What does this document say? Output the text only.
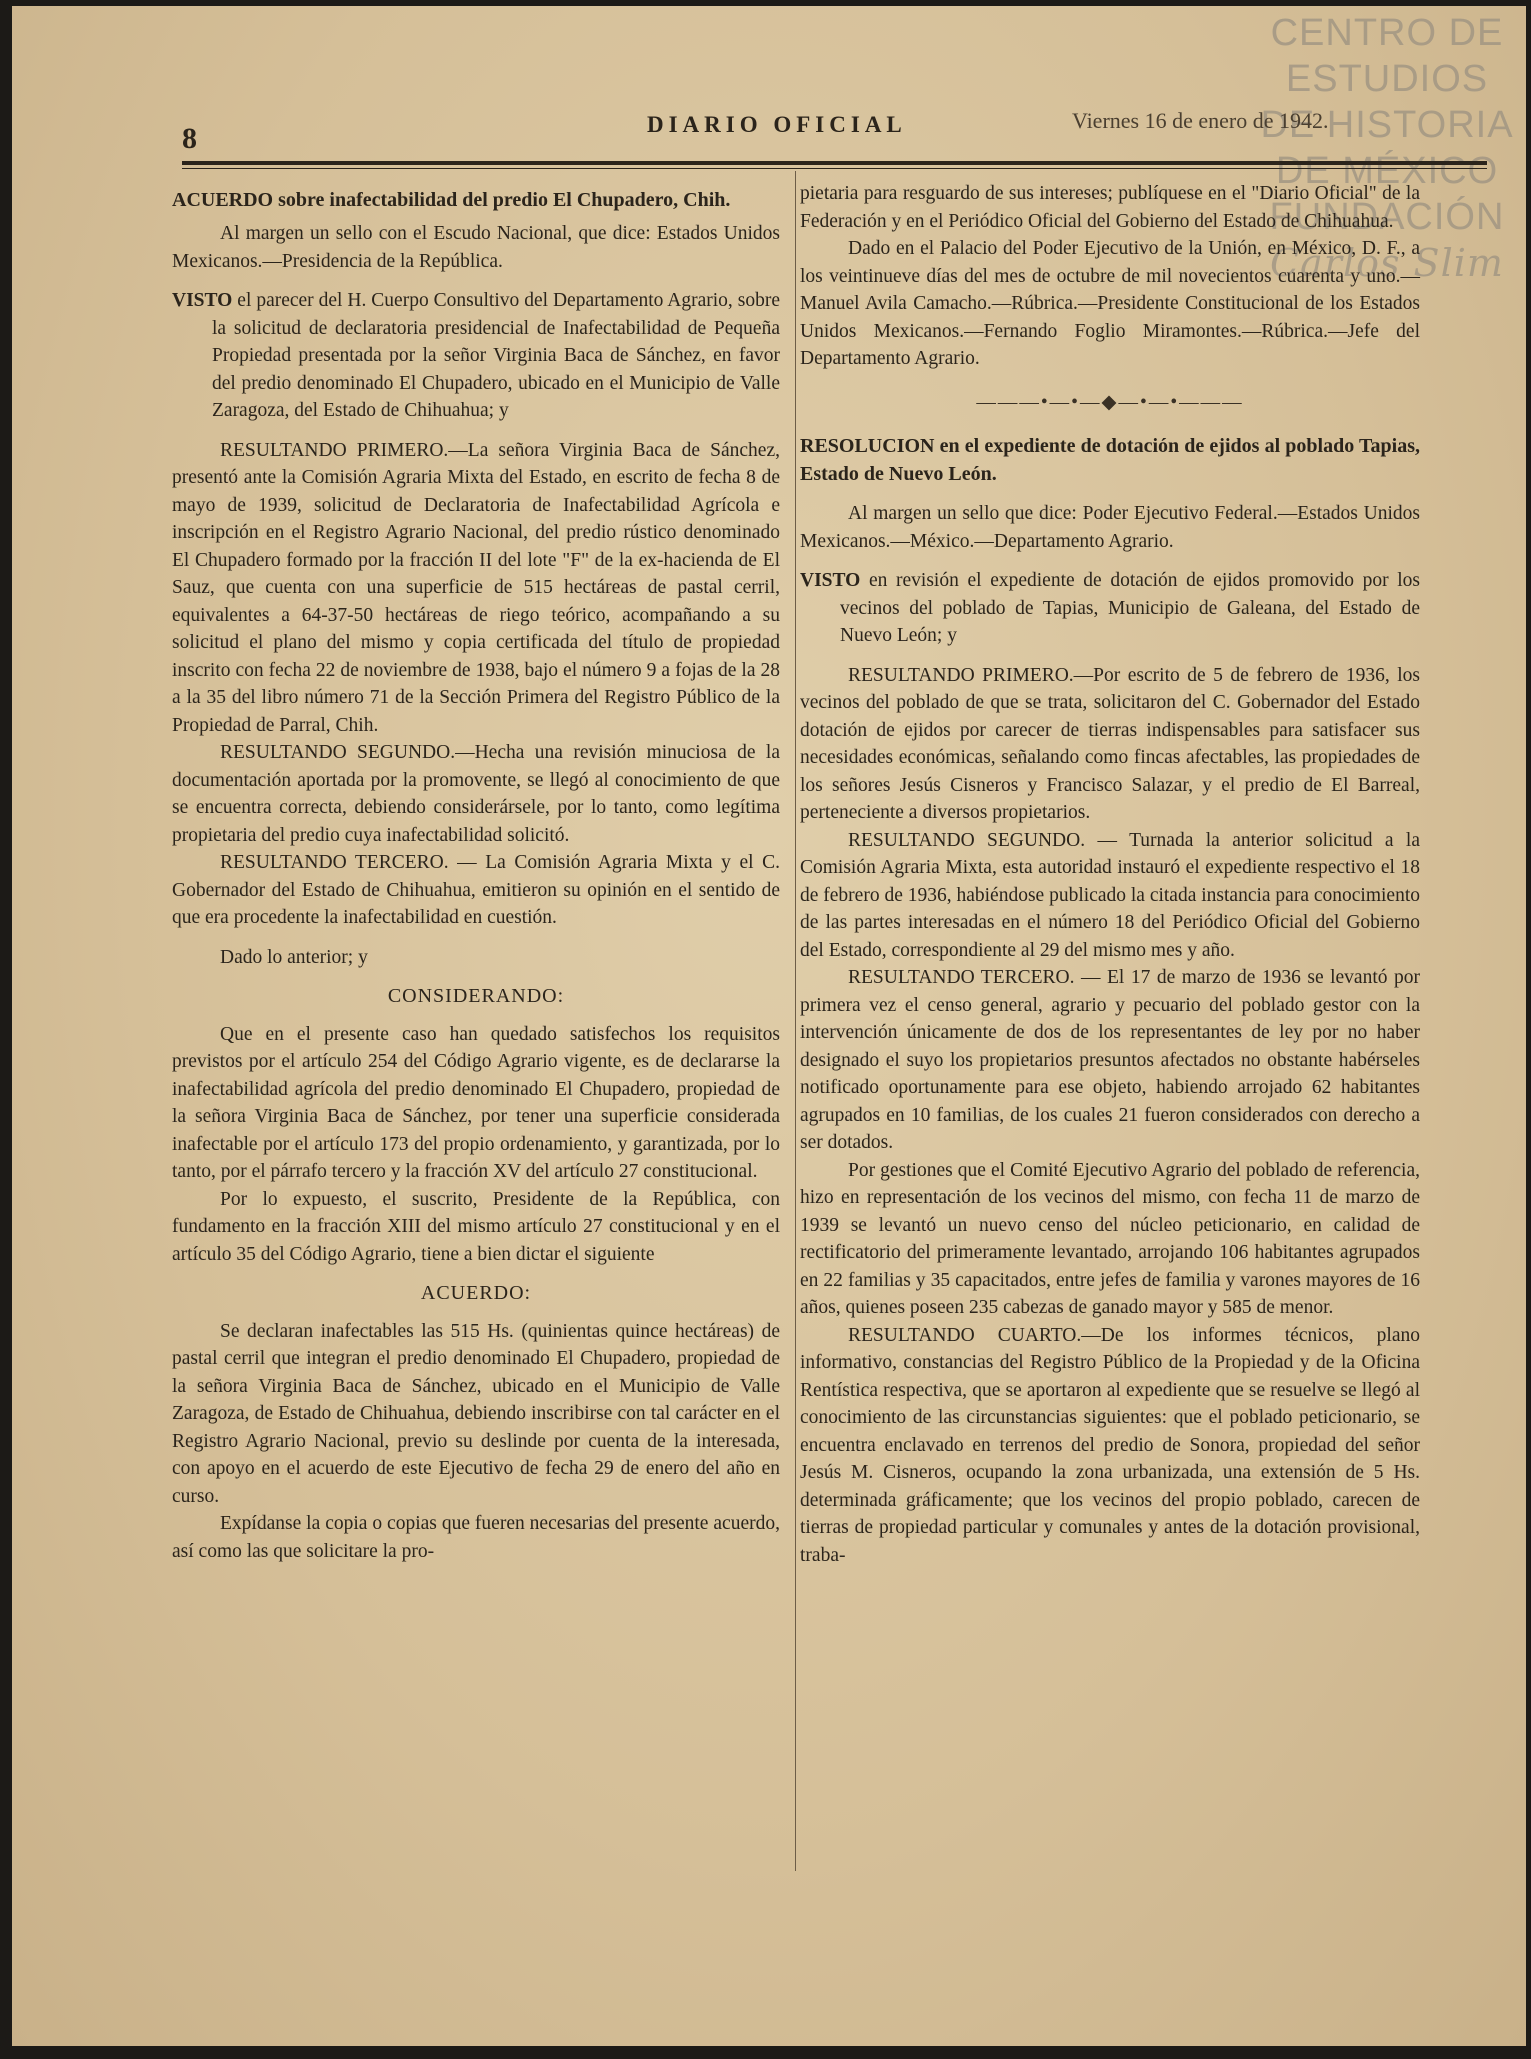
CENTRO DE
ESTUDIOS
DE HISTORIA
DE MÉXICO
FUNDACIÓN
Carlos Slim
8	DIARIO OFICIAL	Viernes 16 de enero de 1942.
ACUERDO sobre inafectabilidad del predio El Chupadero, Chih.

Al margen un sello con el Escudo Nacional, que dice: Estados Unidos Mexicanos.—Presidencia de la República.

VISTO el parecer del H. Cuerpo Consultivo del Departamento Agrario, sobre la solicitud de declaratoria presidencial de Inafectabilidad de Pequeña Propiedad presentada por la señor Virginia Baca de Sánchez, en favor del predio denominado El Chupadero, ubicado en el Municipio de Valle Zaragoza, del Estado de Chihuahua; y

RESULTANDO PRIMERO.—La señora Virginia Baca de Sánchez, presentó ante la Comisión Agraria Mixta del Estado, en escrito de fecha 8 de mayo de 1939, solicitud de Declaratoria de Inafectabilidad Agrícola e inscripción en el Registro Agrario Nacional, del predio rústico denominado El Chupadero formado por la fracción II del lote "F" de la ex-hacienda de El Sauz, que cuenta con una superficie de 515 hectáreas de pastal cerril, equivalentes a 64-37-50 hectáreas de riego teórico, acompañando a su solicitud el plano del mismo y copia certificada del título de propiedad inscrito con fecha 22 de noviembre de 1938, bajo el número 9 a fojas de la 28 a la 35 del libro número 71 de la Sección Primera del Registro Público de la Propiedad de Parral, Chih.

RESULTANDO SEGUNDO.—Hecha una revisión minuciosa de la documentación aportada por la promovente, se llegó al conocimiento de que se encuentra correcta, debiendo considerársele, por lo tanto, como legítima propietaria del predio cuya inafectabilidad solicitó.

RESULTANDO TERCERO. — La Comisión Agraria Mixta y el C. Gobernador del Estado de Chihuahua, emitieron su opinión en el sentido de que era procedente la inafectabilidad en cuestión.

Dado lo anterior; y

CONSIDERANDO:

Que en el presente caso han quedado satisfechos los requisitos previstos por el artículo 254 del Código Agrario vigente, es de declararse la inafectabilidad agrícola del predio denominado El Chupadero, propiedad de la señora Virginia Baca de Sánchez, por tener una superficie considerada inafectable por el artículo 173 del propio ordenamiento, y garantizada, por lo tanto, por el párrafo tercero y la fracción XV del artículo 27 constitucional.

Por lo expuesto, el suscrito, Presidente de la República, con fundamento en la fracción XIII del mismo artículo 27 constitucional y en el artículo 35 del Código Agrario, tiene a bien dictar el siguiente

ACUERDO:

Se declaran inafectables las 515 Hs. (quinientas quince hectáreas) de pastal cerril que integran el predio denominado El Chupadero, propiedad de la señora Virginia Baca de Sánchez, ubicado en el Municipio de Valle Zaragoza, de Estado de Chihuahua, debiendo inscribirse con tal carácter en el Registro Agrario Nacional, previo su deslinde por cuenta de la interesada, con apoyo en el acuerdo de este Ejecutivo de fecha 29 de enero del año en curso.

Expídanse la copia o copias que fueren necesarias del presente acuerdo, así como las que solicitare la pro-

pietaria para resguardo de sus intereses; publíquese en el "Diario Oficial" de la Federación y en el Periódico Oficial del Gobierno del Estado de Chihuahua.

Dado en el Palacio del Poder Ejecutivo de la Unión, en México, D. F., a los veintinueve días del mes de octubre de mil novecientos cuarenta y uno.—Manuel Avila Camacho.—Rúbrica.—Presidente Constitucional de los Estados Unidos Mexicanos.—Fernando Foglio Miramontes.—Rúbrica.—Jefe del Departamento Agrario.

———•—•—◆—•—•———
RESOLUCION en el expediente de dotación de ejidos al poblado Tapias, Estado de Nuevo León.

Al margen un sello que dice: Poder Ejecutivo Federal.—Estados Unidos Mexicanos.—México.—Departamento Agrario.

VISTO en revisión el expediente de dotación de ejidos promovido por los vecinos del poblado de Tapias, Municipio de Galeana, del Estado de Nuevo León; y

RESULTANDO PRIMERO.—Por escrito de 5 de febrero de 1936, los vecinos del poblado de que se trata, solicitaron del C. Gobernador del Estado dotación de ejidos por carecer de tierras indispensables para satisfacer sus necesidades económicas, señalando como fincas afectables, las propiedades de los señores Jesús Cisneros y Francisco Salazar, y el predio de El Barreal, perteneciente a diversos propietarios.

RESULTANDO SEGUNDO. — Turnada la anterior solicitud a la Comisión Agraria Mixta, esta autoridad instauró el expediente respectivo el 18 de febrero de 1936, habiéndose publicado la citada instancia para conocimiento de las partes interesadas en el número 18 del Periódico Oficial del Gobierno del Estado, correspondiente al 29 del mismo mes y año.

RESULTANDO TERCERO. — El 17 de marzo de 1936 se levantó por primera vez el censo general, agrario y pecuario del poblado gestor con la intervención únicamente de dos de los representantes de ley por no haber designado el suyo los propietarios presuntos afectados no obstante habérseles notificado oportunamente para ese objeto, habiendo arrojado 62 habitantes agrupados en 10 familias, de los cuales 21 fueron considerados con derecho a ser dotados.

Por gestiones que el Comité Ejecutivo Agrario del poblado de referencia, hizo en representación de los vecinos del mismo, con fecha 11 de marzo de 1939 se levantó un nuevo censo del núcleo peticionario, en calidad de rectificatorio del primeramente levantado, arrojando 106 habitantes agrupados en 22 familias y 35 capacitados, entre jefes de familia y varones mayores de 16 años, quienes poseen 235 cabezas de ganado mayor y 585 de menor.

RESULTANDO CUARTO.—De los informes técnicos, plano informativo, constancias del Registro Público de la Propiedad y de la Oficina Rentística respectiva, que se aportaron al expediente que se resuelve se llegó al conocimiento de las circunstancias siguientes: que el poblado peticionario, se encuentra enclavado en terrenos del predio de Sonora, propiedad del señor Jesús M. Cisneros, ocupando la zona urbanizada, una extensión de 5 Hs. determinada gráficamente; que los vecinos del propio poblado, carecen de tierras de propiedad particular y comunales y antes de la dotación provisional, traba-
